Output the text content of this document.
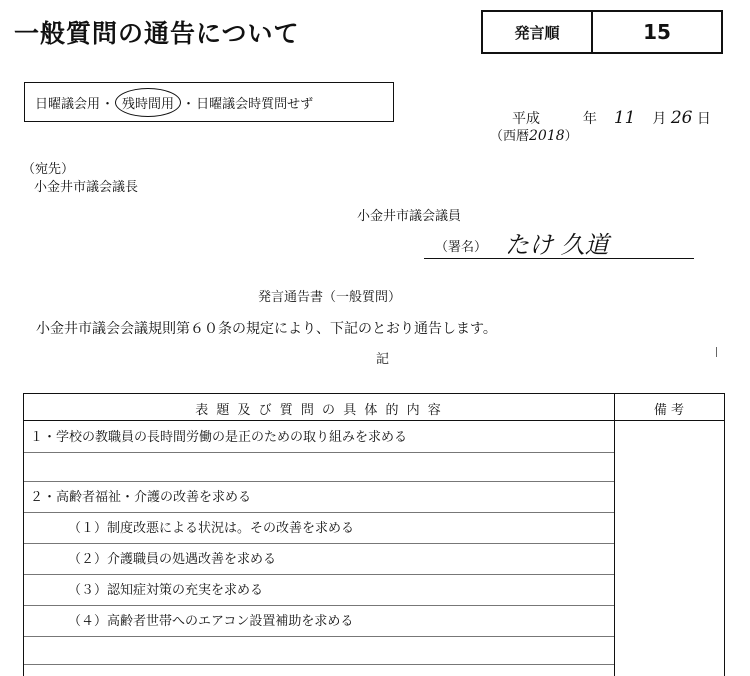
一般質問の通告について	発言順	15
日曜議会用 ・ 残時間用 ・ 日曜議会時質問せず
平成	年 11 月 26 日
（西暦2018）
（宛先）
小金井市議会議長
小金井市議会議員
（署名） たけ 久道
発言通告書（一般質問）
小金井市議会会議規則第６０条の規定により、下記のとおり通告します。
記
表 題 及 び 質 問 の 具 体 的 内 容	備 考
１・学校の教職員の長時間労働の是正のための取り組みを求める
２・高齢者福祉・介護の改善を求める
（１）制度改悪による状況は。その改善を求める
（２）介護職員の処遇改善を求める
（３）認知症対策の充実を求める
（４）高齢者世帯へのエアコン設置補助を求める
